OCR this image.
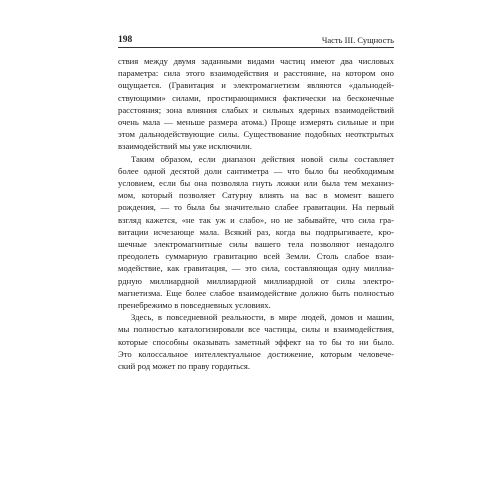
198	Часть III. Сущность

ствия между двумя заданными видами частиц имеют два числовых
параметра: сила этого взаимодействия и расстояние, на котором оно
ощущается. (Гравитация и электромагнетизм являются «дальнодей-
ствующими» силами, простирающимися фактически на бесконечные
расстояния; зона влияния слабых и сильных ядерных взаимодействий
очень мала — меньше размера атома.) Проще измерять сильные и при
этом дальнодействующие силы. Существование подобных неотктрытых
взаимодействий мы уже исключили.

Таким образом, если диапазон действия новой силы составляет
более одной десятой доли сантиметра — что было бы необходимым
условием, если бы она позволяла гнуть ложки или была тем механиз-
мом, который позволяет Сатурну влиять на вас в момент вашего
рождения, — то была бы значительно слабее гравитации. На первый
взгляд кажется, «не так уж и слабо», но не забывайте, что сила гра-
витации исчезающе мала. Всякий раз, когда вы подпрыгиваете, кро-
шечные электромагнитные силы вашего тела позволяют ненадолго
преодолеть суммарную гравитацию всей Земли. Столь слабое взаи-
модействие, как гравитация, — это сила, составляющая одну миллиа-
рдную миллиардной миллиардной миллиардной от силы электро-
магнетизма. Еще более слабое взаимодействие должно быть полностью
пренебрежимо в повседневных условиях.

Здесь, в повседневной реальности, в мире людей, домов и машин,
мы полностью каталогизировали все частицы, силы и взаимодействия,
которые способны оказывать заметный эффект на то бы то ни было.
Это колоссальное интеллектуальное достижение, которым человече-
ский род может по праву гордиться.
